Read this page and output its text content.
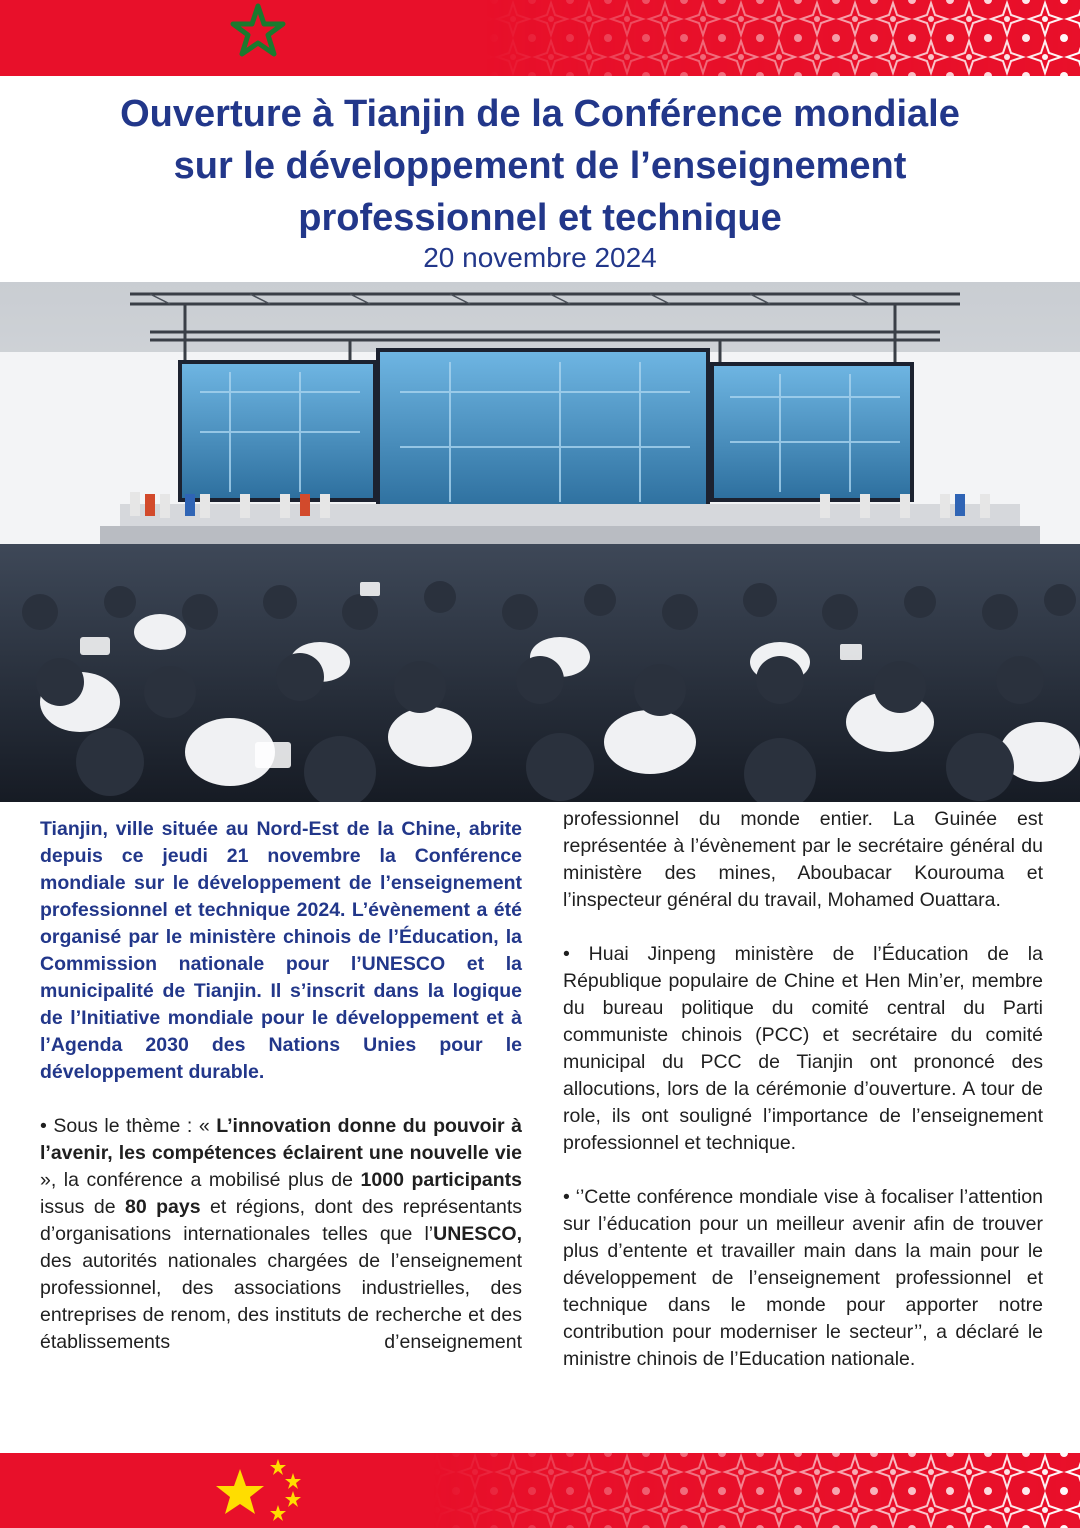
Ouverture à Tianjin de la Conférence mondiale
sur le développement de l’enseignement
professionnel et technique
20 novembre 2024

Tianjin, ville située au Nord-Est de la Chine, abrite depuis ce jeudi 21 novembre la Conférence mondiale sur le développement de l’enseignement professionnel et technique 2024. L’évènement a été organisé par le ministère chinois de l’Éducation, la Commission nationale pour l’UNESCO et la municipalité de Tianjin. Il s’inscrit dans la logique de l’Initiative mondiale pour le développement et à l’Agenda 2030 des Nations Unies pour le développement durable.

• Sous le thème : « L’innovation donne du pouvoir à l’avenir, les compétences éclairent une nouvelle vie », la conférence a mobilisé plus de 1000 participants issus de 80 pays et régions, dont des représentants d’organisations internationales telles que l’UNESCO, des autorités nationales chargées de l’enseignement professionnel, des associations industrielles, des entreprises de renom, des instituts de recherche et des établissements d’enseignement

professionnel du monde entier. La Guinée est représentée à l’évènement par le secrétaire général du ministère des mines, Aboubacar Kourouma et l’inspecteur général du travail, Mohamed Ouattara.

• Huai Jinpeng ministère de l’Éducation de la République populaire de Chine et Hen Min’er, membre du bureau politique du comité central du Parti communiste chinois (PCC) et secrétaire du comité municipal du PCC de Tianjin ont prononcé des allocutions, lors de la cérémonie d’ouverture. A tour de role, ils ont souligné l’importance de l’enseignement professionnel et technique.

• ‘’Cette conférence mondiale vise à focaliser l’attention sur l’éducation pour un meilleur avenir afin de trouver plus d’entente et travailler main dans la main pour le développement de l’enseignement professionnel et technique dans le monde pour apporter notre contribution pour moderniser le secteur’’, a déclaré le ministre chinois de l’Education nationale.
